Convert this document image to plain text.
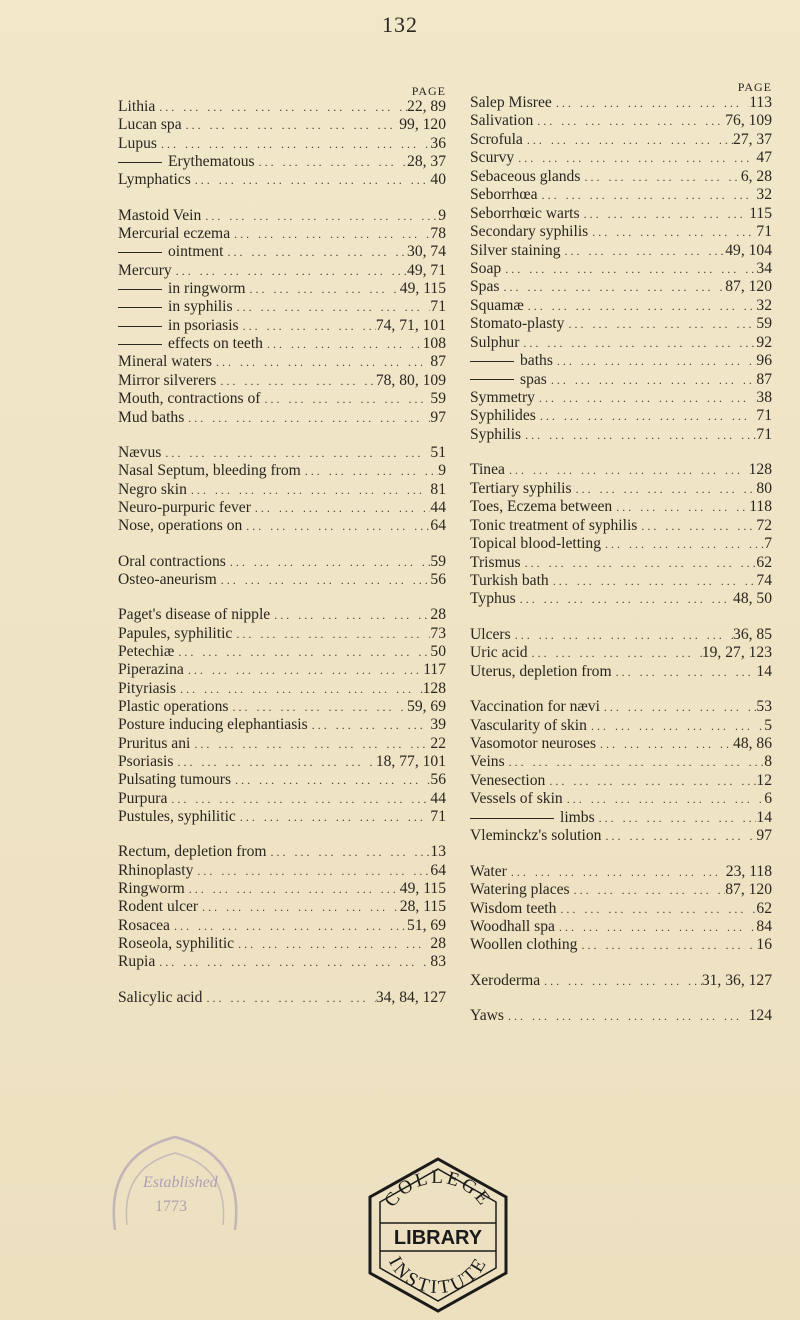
132
PAGE
Lithia ... .	22, 89
Lucan spa ... .	99, 120
Lupus ... .	36
Erythematous ... .	28, 37
Lymphatics ... .	40
Mastoid Vein ... .	9
Mercurial eczema ... .	78
ointment ... .	30, 74
Mercury ... .	49, 71
in ringworm ... .	49, 115
in syphilis ... .	71
in psoriasis ... .	74, 71, 101
effects on teeth ... .	108
Mineral waters ... .	87
Mirror silverers ... .	78, 80, 109
Mouth, contractions of ... .	59
Mud baths ... .	97
Nævus ... .	51
Nasal Septum, bleeding from ... .	9
Negro skin ... .	81
Neuro-purpuric fever ... .	44
Nose, operations on ... .	64
Oral contractions ... .	59
Osteo-aneurism ... .	56
Paget's disease of nipple ... .	28
Papules, syphilitic ... .	73
Petechiæ ... .	50
Piperazina ... .	117
Pityriasis ... .	128
Plastic operations ... .	59, 69
Posture inducing elephantiasis ... .	39
Pruritus ani ... .	22
Psoriasis ... .	18, 77, 101
Pulsating tumours ... .	56
Purpura ... .	44
Pustules, syphilitic ... .	71
Rectum, depletion from ... .	13
Rhinoplasty ... .	64
Ringworm ... .	49, 115
Rodent ulcer ... .	28, 115
Rosacea ... .	51, 69
Roseola, syphilitic ... .	28
Rupia ... .	83
Salicylic acid ... .	34, 84, 127
PAGE
Salep Misree ... .	113
Salivation ... .	76, 109
Scrofula ... .	27, 37
Scurvy ... .	47
Sebaceous glands ... .	6, 28
Seborrhœa ... .	32
Seborrhœic warts ... .	115
Secondary syphilis ... .	71
Silver staining ... .	49, 104
Soap ... .	34
Spas ... .	87, 120
Squamæ ... .	32
Stomato-plasty ... .	59
Sulphur ... .	92
baths ... .	96
spas ... .	87
Symmetry ... .	38
Syphilides ... .	71
Syphilis ... .	71
Tinea ... .	128
Tertiary syphilis ... .	80
Toes, Eczema between ... .	118
Tonic treatment of syphilis ... .	72
Topical blood-letting ... .	7
Trismus ... .	62
Turkish bath ... .	74
Typhus ... .	48, 50
Ulcers ... .	36, 85
Uric acid ... .	19, 27, 123
Uterus, depletion from ... .	14
Vaccination for nævi ... .	53
Vascularity of skin ... .	5
Vasomotor neuroses ... .	48, 86
Veins ... .	8
Venesection ... .	12
Vessels of skin ... .	6
limbs ... .	14
Vleminckz's solution ... .	97
Water ... .	23, 118
Watering places ... .	87, 120
Wisdom teeth ... .	62
Woodhall spa ... .	84
Woollen clothing ... .	16
Xeroderma ... .	31, 36, 127
Yaws ... .	124
Established
1773	COLLEGE
INSTITUTE
LIBRARY
